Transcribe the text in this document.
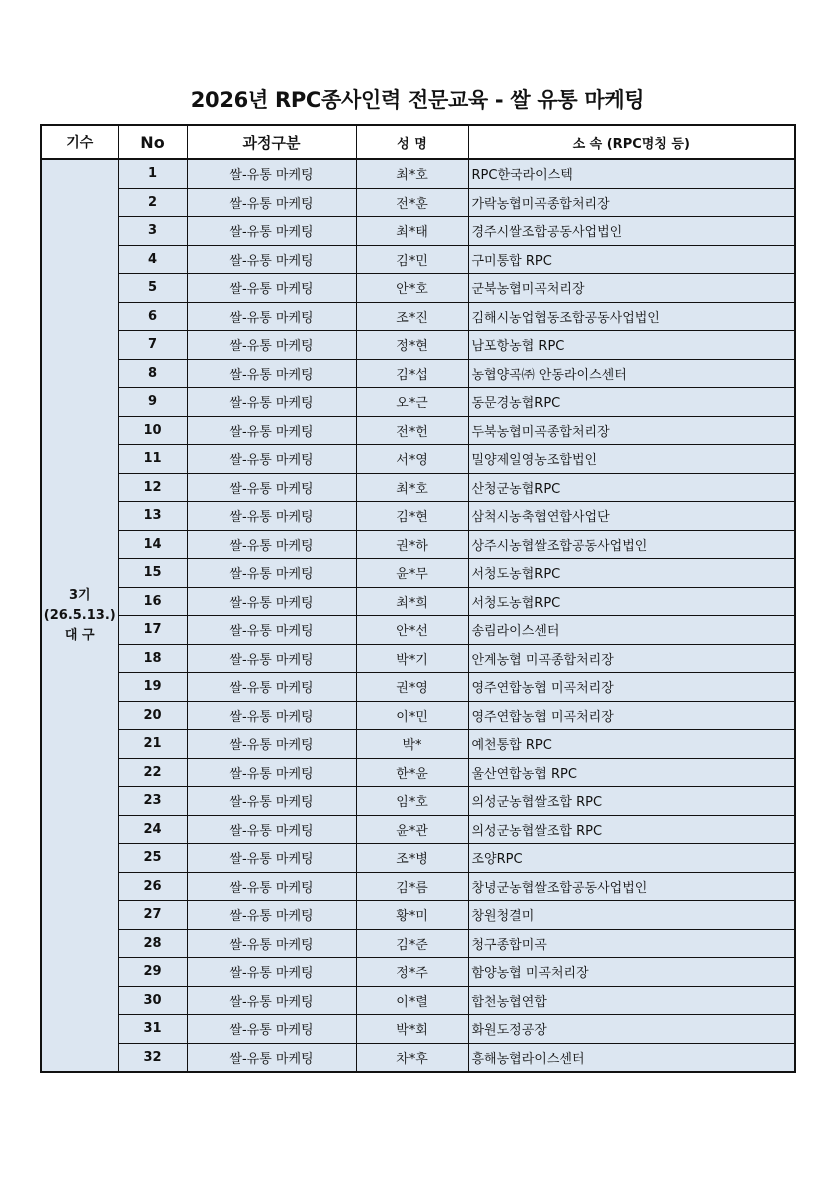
2026년 RPC종사인력 전문교육 - 쌀 유통 마케팅
기수	No	과정구분	성 명	소 속 (RPC명칭 등)

3기
(26.5.13.)
대 구	1	쌀-유통 마케팅	최*호	RPC한국라이스텍
	2	쌀-유통 마케팅	전*훈	가락농협미곡종합처리장
	3	쌀-유통 마케팅	최*태	경주시쌀조합공동사업법인
	4	쌀-유통 마케팅	김*민	구미통합 RPC
	5	쌀-유통 마케팅	안*호	군북농협미곡처리장
	6	쌀-유통 마케팅	조*진	김해시농업협동조합공동사업법인
	7	쌀-유통 마케팅	정*현	남포항농협 RPC
	8	쌀-유통 마케팅	김*섭	농협양곡㈜ 안동라이스센터
	9	쌀-유통 마케팅	오*근	동문경농협RPC
	10	쌀-유통 마케팅	전*헌	두북농협미곡종합처리장
	11	쌀-유통 마케팅	서*영	밀양제일영농조합법인
	12	쌀-유통 마케팅	최*호	산청군농협RPC
	13	쌀-유통 마케팅	김*현	삼척시농축협연합사업단
	14	쌀-유통 마케팅	권*하	상주시농협쌀조합공동사업법인
	15	쌀-유통 마케팅	윤*무	서청도농협RPC
	16	쌀-유통 마케팅	최*희	서청도농협RPC
	17	쌀-유통 마케팅	안*선	송림라이스센터
	18	쌀-유통 마케팅	박*기	안계농협 미곡종합처리장
	19	쌀-유통 마케팅	권*영	영주연합농협 미곡처리장
	20	쌀-유통 마케팅	이*민	영주연합농협 미곡처리장
	21	쌀-유통 마케팅	박*	예천통합 RPC
	22	쌀-유통 마케팅	한*윤	울산연합농협 RPC
	23	쌀-유통 마케팅	임*호	의성군농협쌀조합 RPC
	24	쌀-유통 마케팅	윤*관	의성군농협쌀조합 RPC
	25	쌀-유통 마케팅	조*병	조양RPC
	26	쌀-유통 마케팅	김*름	창녕군농협쌀조합공동사업법인
	27	쌀-유통 마케팅	황*미	창원청결미
	28	쌀-유통 마케팅	김*준	청구종합미곡
	29	쌀-유통 마케팅	정*주	함양농협 미곡처리장
	30	쌀-유통 마케팅	이*렬	합천농협연합
	31	쌀-유통 마케팅	박*회	화원도정공장
	32	쌀-유통 마케팅	차*후	흥해농협라이스센터
